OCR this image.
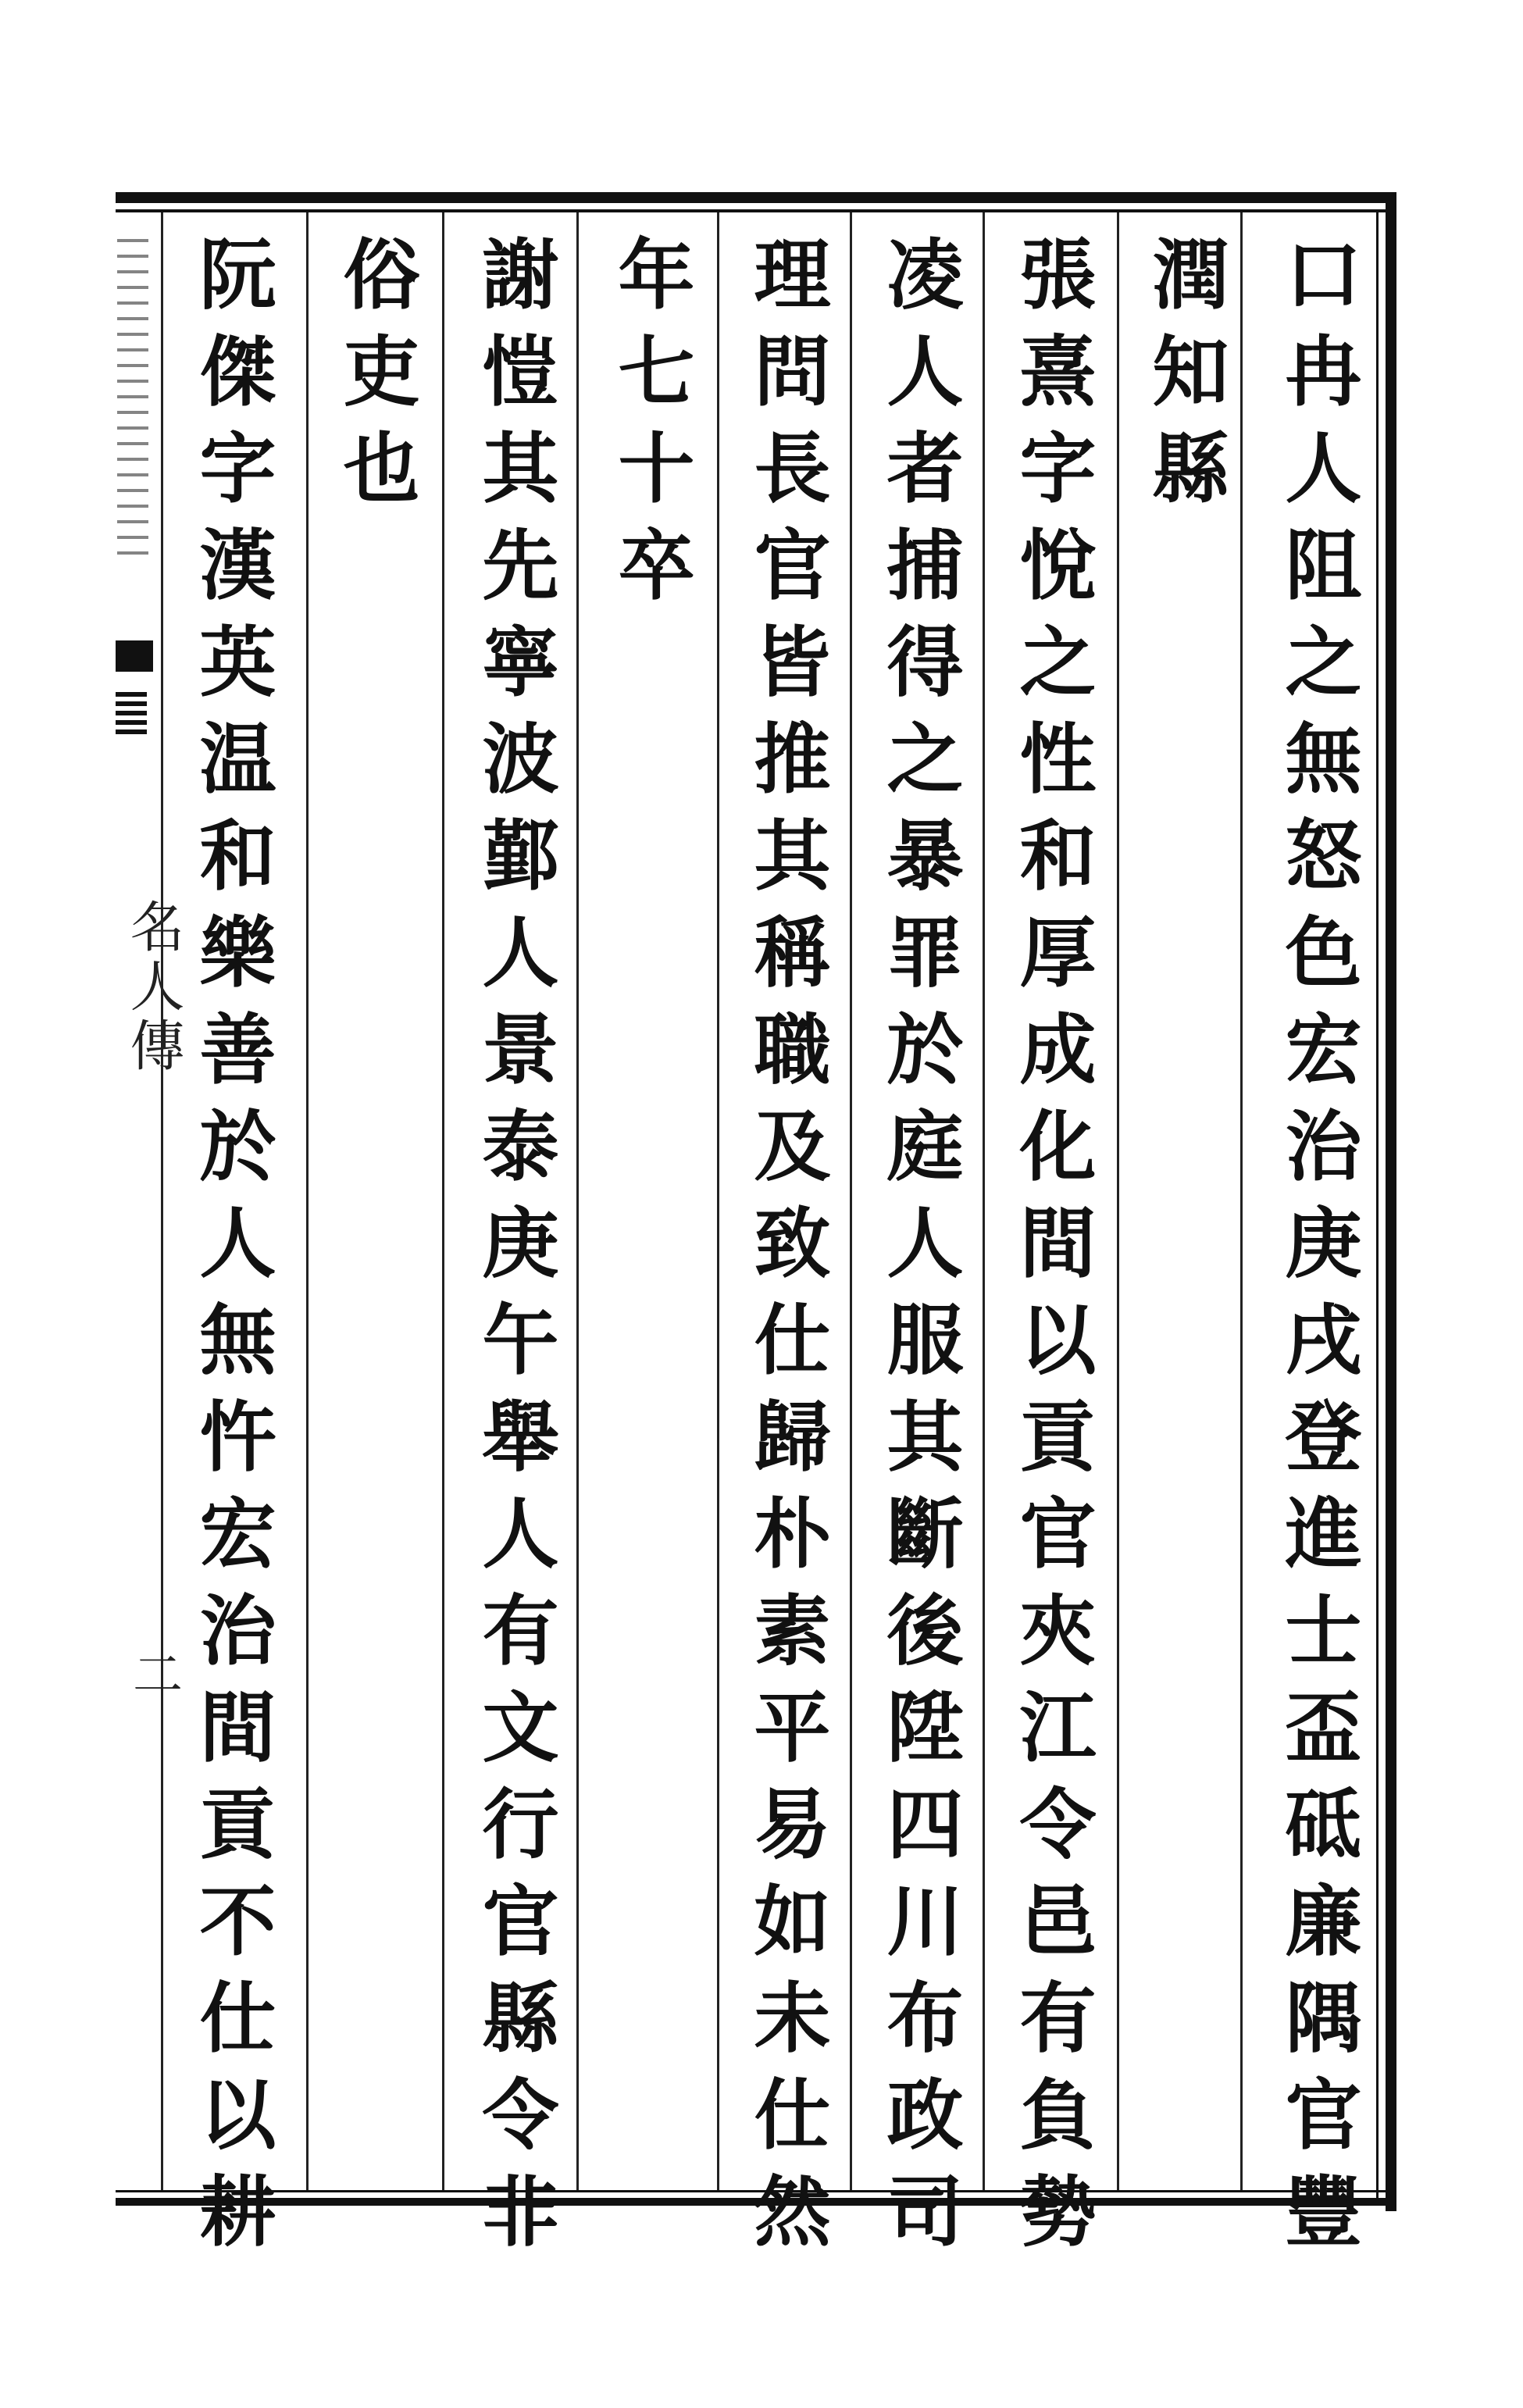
口冉人阻之無怒色宏治庚戌登進士盃砥廉隅官豐
潤知縣
張熹字悅之性和厚成化間以貢官夾江令邑有負勢
凌人者捕得之暴罪於庭人服其斷後陞四川布政司
理問長官皆推其稱職及致仕歸朴素平易如未仕然
年七十卒
謝愷其先寧波鄞人景泰庚午舉人有文行官縣令非
俗吏也
阮傑字漢英温和樂善於人無忤宏治間貢不仕以耕
名人傳
二
